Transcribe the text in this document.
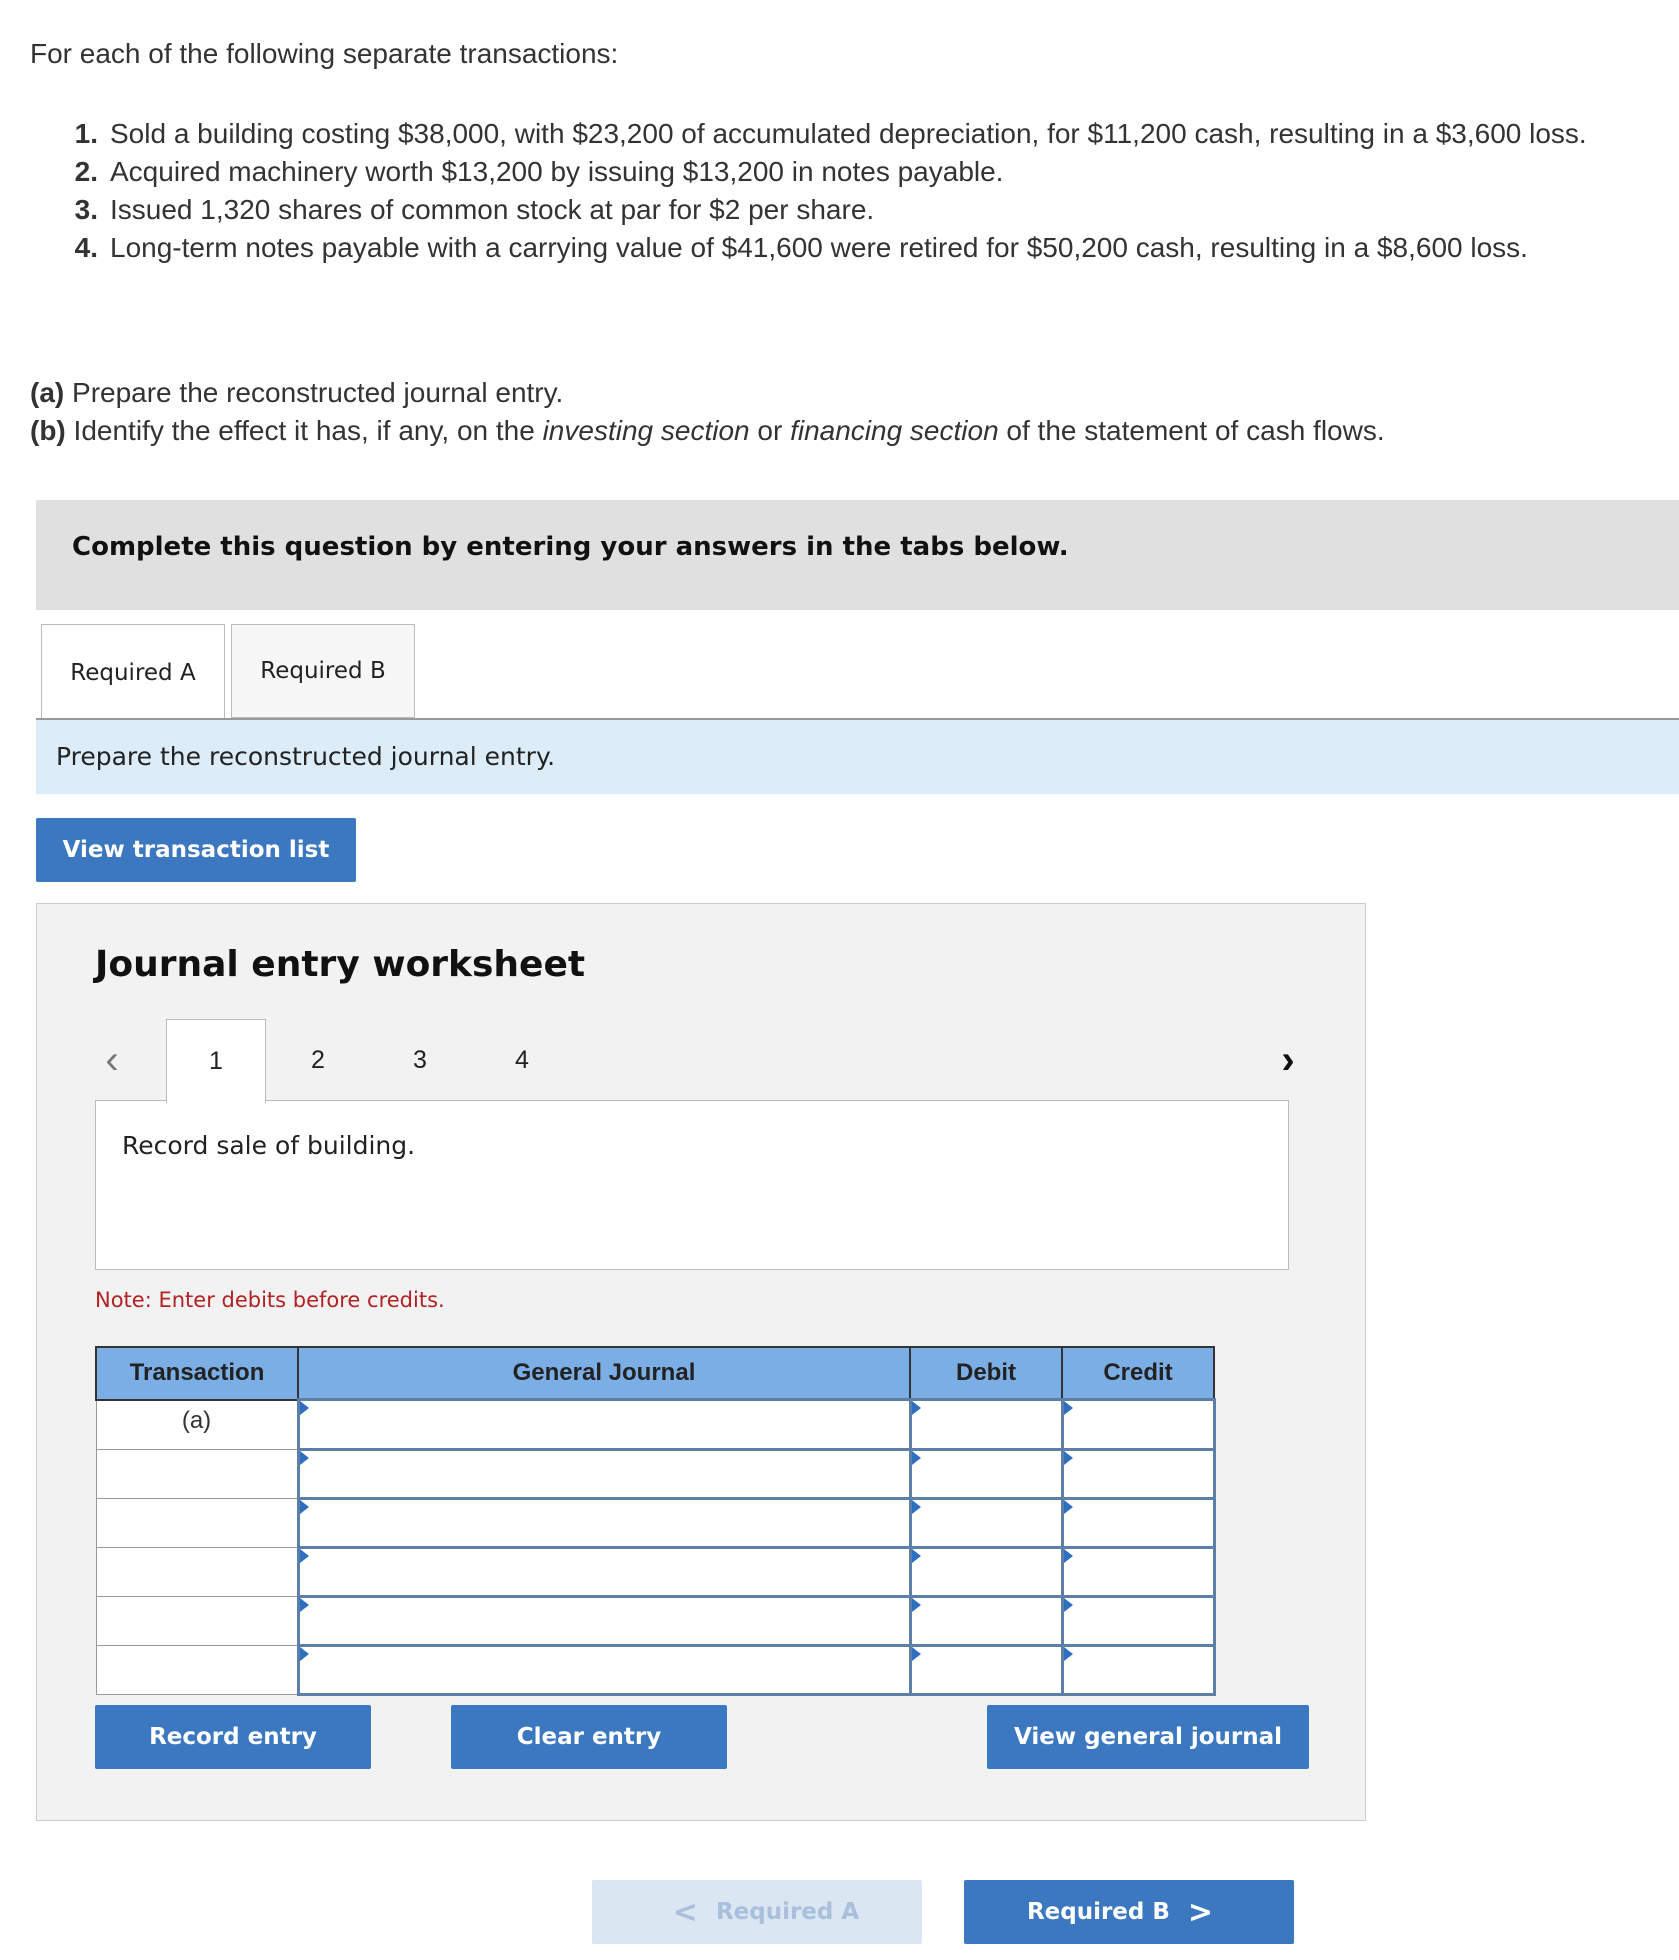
For each of the following separate transactions:
1. Sold a building costing $38,000, with $23,200 of accumulated depreciation, for $11,200 cash, resulting in a $3,600 loss.
2. Acquired machinery worth $13,200 by issuing $13,200 in notes payable.
3. Issued 1,320 shares of common stock at par for $2 per share.
4. Long-term notes payable with a carrying value of $41,600 were retired for $50,200 cash, resulting in a $8,600 loss.
(a) Prepare the reconstructed journal entry.
(b) Identify the effect it has, if any, on the investing section or financing section of the statement of cash flows.
Complete this question by entering your answers in the tabs below.
Required A	Required B
Prepare the reconstructed journal entry.
View transaction list
Journal entry worksheet
‹	1	2	3	4	›
Record sale of building.
Note: Enter debits before credits.
Transaction	General Journal	Debit	Credit
(a)			

Record entry	Clear entry	View general journal
< Required A	Required B >
